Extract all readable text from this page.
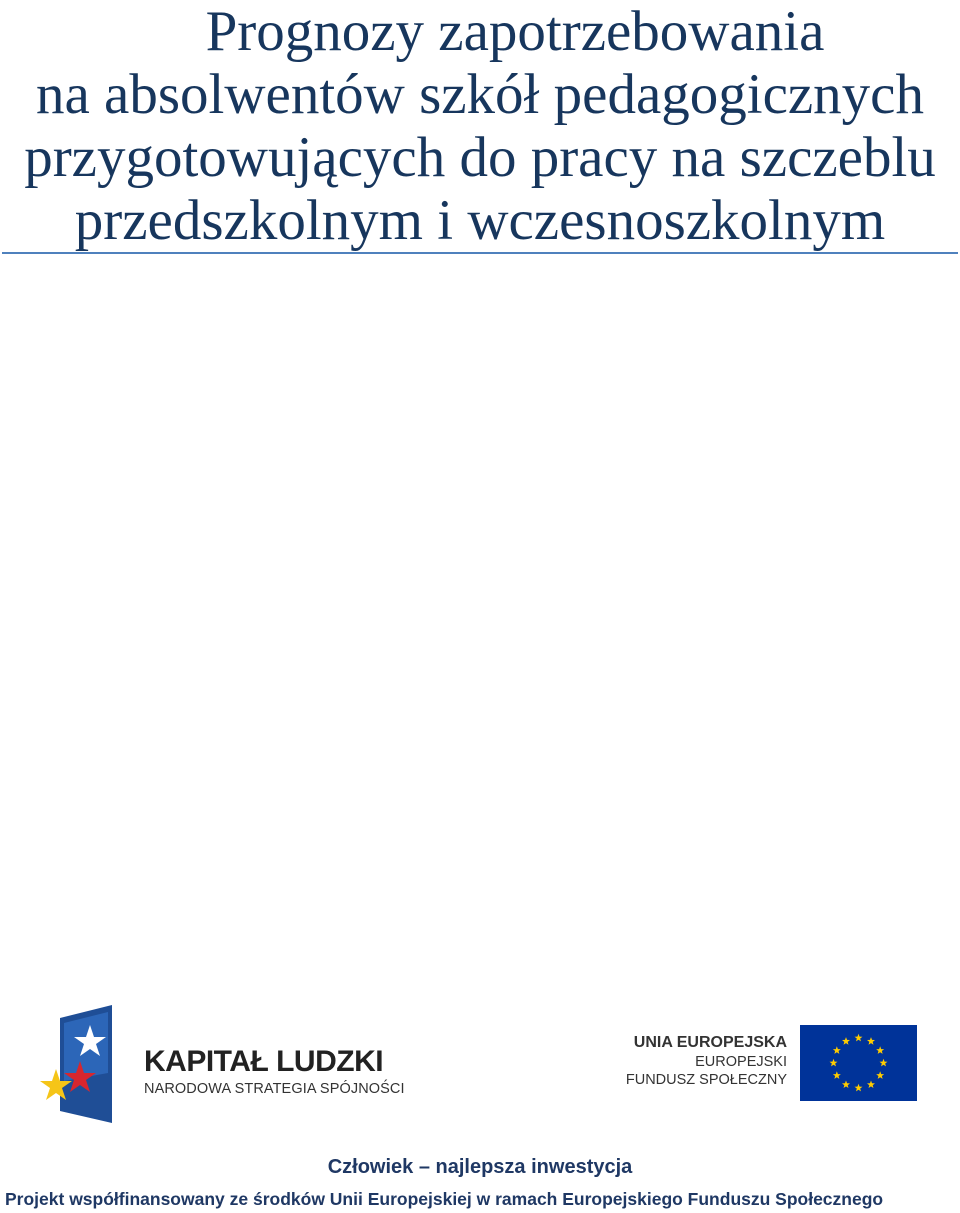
Prognozy zapotrzebowania
na absolwentów szkół pedagogicznych
przygotowujących do pracy na szczeblu
przedszkolnym i wczesnoszkolnym
KAPITAŁ LUDZKI
NARODOWA STRATEGIA SPÓJNOŚCI
UNIA EUROPEJSKA
EUROPEJSKI
FUNDUSZ SPOŁECZNY
Człowiek – najlepsza inwestycja
Projekt współfinansowany ze środków Unii Europejskiej w ramach Europejskiego Funduszu Społecznego
